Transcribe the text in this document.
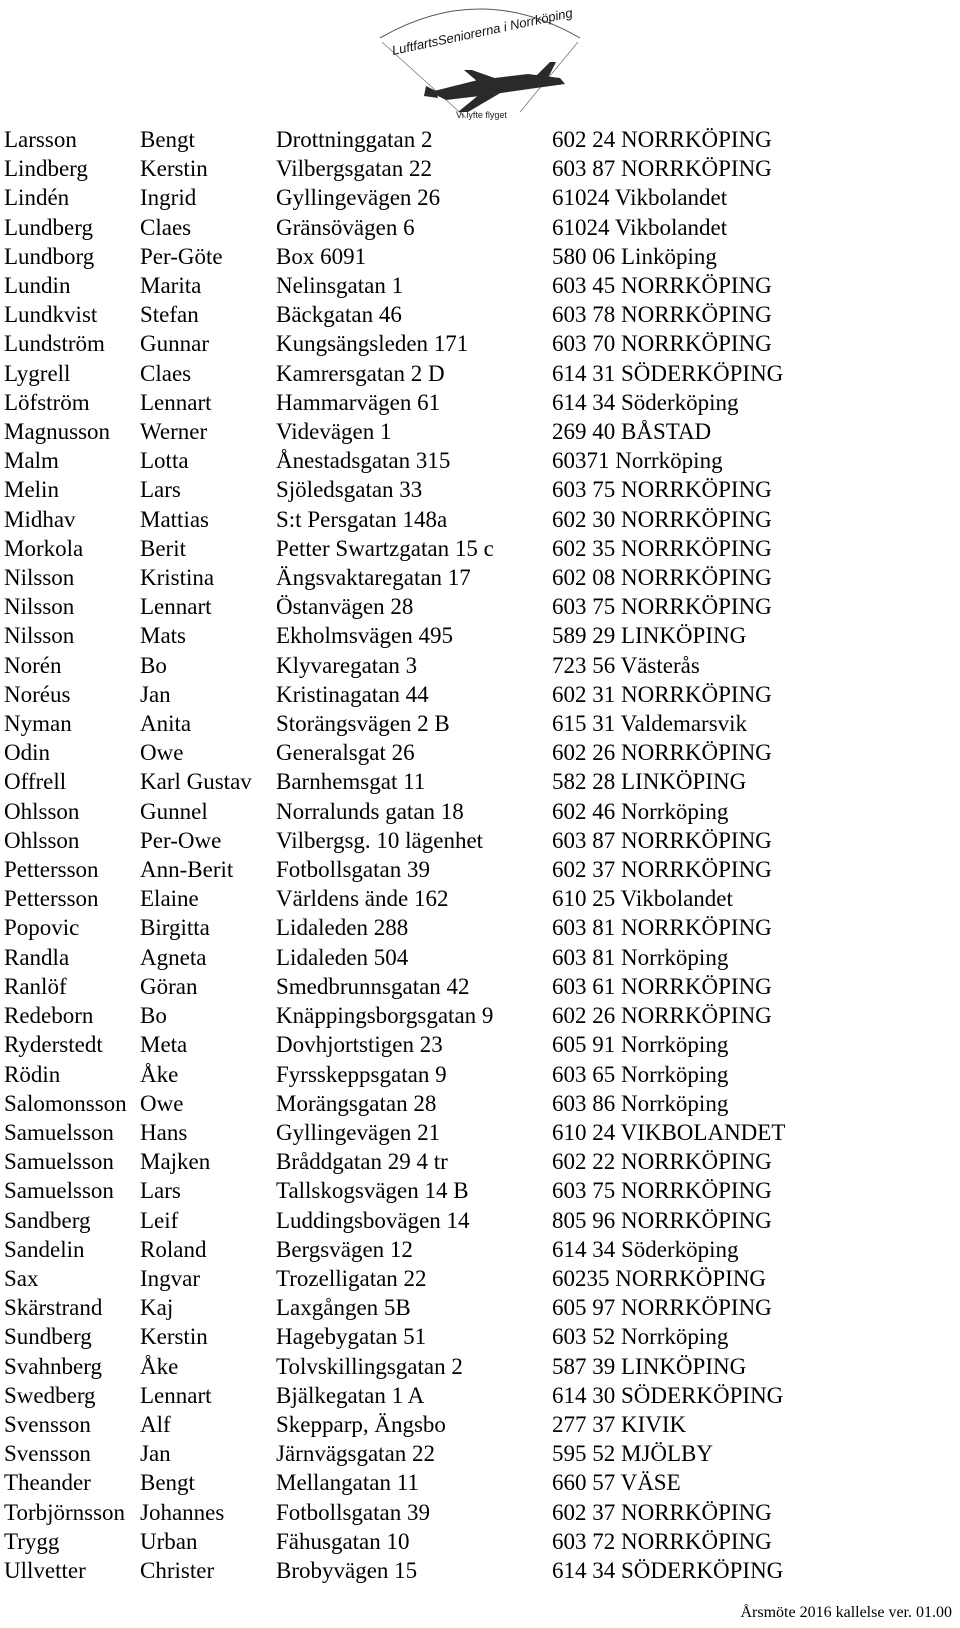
LuftfartsSeniorerna i Norrköping
Vi lyfte flyget
Larsson	Bengt	Drottninggatan 2	602 24 NORRKÖPING
Lindberg	Kerstin	Vilbergsgatan 22	603 87 NORRKÖPING
Lindén	Ingrid	Gyllingevägen 26	61024 Vikbolandet
Lundberg	Claes	Gränsövägen 6	61024 Vikbolandet
Lundborg	Per-Göte	Box 6091	580 06 Linköping
Lundin	Marita	Nelinsgatan 1	603 45 NORRKÖPING
Lundkvist	Stefan	Bäckgatan 46	603 78 NORRKÖPING
Lundström	Gunnar	Kungsängsleden 171	603 70 NORRKÖPING
Lygrell	Claes	Kamrersgatan 2 D	614 31 SÖDERKÖPING
Löfström	Lennart	Hammarvägen 61	614 34 Söderköping
Magnusson	Werner	Videvägen 1	269 40 BÅSTAD
Malm	Lotta	Ånestadsgatan 315	60371 Norrköping
Melin	Lars	Sjöledsgatan 33	603 75 NORRKÖPING
Midhav	Mattias	S:t Persgatan 148a	602 30 NORRKÖPING
Morkola	Berit	Petter Swartzgatan 15 c	602 35 NORRKÖPING
Nilsson	Kristina	Ängsvaktaregatan 17	602 08 NORRKÖPING
Nilsson	Lennart	Östanvägen 28	603 75 NORRKÖPING
Nilsson	Mats	Ekholmsvägen 495	589 29 LINKÖPING
Norén	Bo	Klyvaregatan 3	723 56 Västerås
Noréus	Jan	Kristinagatan 44	602 31 NORRKÖPING
Nyman	Anita	Storängsvägen 2 B	615 31 Valdemarsvik
Odin	Owe	Generalsgat 26	602 26 NORRKÖPING
Offrell	Karl Gustav	Barnhemsgat 11	582 28 LINKÖPING
Ohlsson	Gunnel	Norralunds gatan 18	602 46 Norrköping
Ohlsson	Per-Owe	Vilbergsg. 10 lägenhet	603 87 NORRKÖPING
Pettersson	Ann-Berit	Fotbollsgatan 39	602 37 NORRKÖPING
Pettersson	Elaine	Världens ände 162	610 25 Vikbolandet
Popovic	Birgitta	Lidaleden 288	603 81 NORRKÖPING
Randla	Agneta	Lidaleden 504	603 81 Norrköping
Ranlöf	Göran	Smedbrunnsgatan 42	603 61 NORRKÖPING
Redeborn	Bo	Knäppingsborgsgatan 9	602 26 NORRKÖPING
Ryderstedt	Meta	Dovhjortstigen 23	605 91 Norrköping
Rödin	Åke	Fyrsskeppsgatan 9	603 65 Norrköping
Salomonsson	Owe	Morängsgatan 28	603 86 Norrköping
Samuelsson	Hans	Gyllingevägen 21	610 24 VIKBOLANDET
Samuelsson	Majken	Bråddgatan 29 4 tr	602 22 NORRKÖPING
Samuelsson	Lars	Tallskogsvägen 14 B	603 75 NORRKÖPING
Sandberg	Leif	Luddingsbovägen 14	805 96 NORRKÖPING
Sandelin	Roland	Bergsvägen 12	614 34 Söderköping
Sax	Ingvar	Trozelligatan 22	60235 NORRKÖPING
Skärstrand	Kaj	Laxgången 5B	605 97 NORRKÖPING
Sundberg	Kerstin	Hagebygatan 51	603 52 Norrköping
Svahnberg	Åke	Tolvskillingsgatan 2	587 39 LINKÖPING
Swedberg	Lennart	Bjälkegatan 1 A	614 30 SÖDERKÖPING
Svensson	Alf	Skepparp, Ängsbo	277 37 KIVIK
Svensson	Jan	Järnvägsgatan 22	595 52 MJÖLBY
Theander	Bengt	Mellangatan 11	660 57 VÄSE
Torbjörnsson	Johannes	Fotbollsgatan 39	602 37 NORRKÖPING
Trygg	Urban	Fähusgatan 10	603 72 NORRKÖPING
Ullvetter	Christer	Brobyvägen 15	614 34 SÖDERKÖPING
Årsmöte 2016 kallelse ver. 01.00
